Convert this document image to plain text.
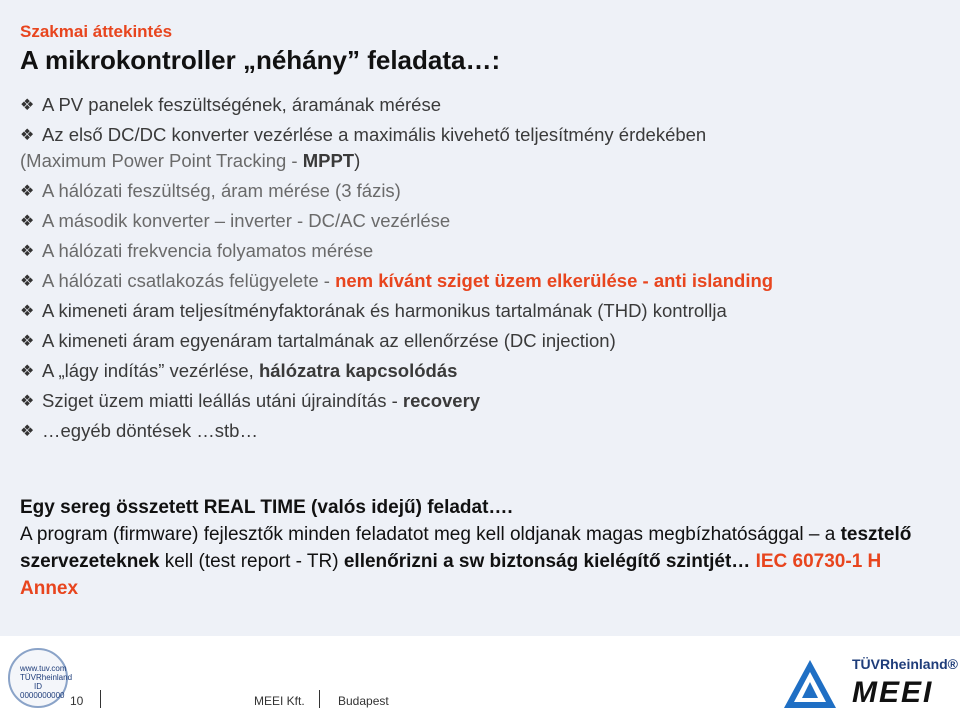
Szakmai áttekintés
A mikrokontroller „néhány” feladata…:
❖ A PV panelek feszültségének, áramának mérése
❖ Az első DC/DC konverter vezérlése a maximális kivehető teljesítmény érdekében
(Maximum Power Point Tracking - MPPT)
❖ A hálózati feszültség, áram mérése (3 fázis)
❖ A második konverter – inverter - DC/AC vezérlése
❖ A hálózati frekvencia folyamatos mérése
❖ A hálózati csatlakozás felügyelete - nem kívánt sziget üzem elkerülése - anti islanding
❖ A kimeneti áram teljesítményfaktorának és harmonikus tartalmának (THD) kontrollja
❖ A kimeneti áram egyenáram tartalmának az ellenőrzése (DC injection)
❖ A „lágy indítás” vezérlése, hálózatra kapcsolódás
❖ Sziget üzem miatti leállás utáni újraindítás - recovery
❖ …egyéb döntések …stb…
Egy sereg összetett REAL TIME (valós idejű) feladat….
A program (firmware) fejlesztők minden feladatot meg kell oldjanak magas megbízhatósággal – a tesztelő szervezeteknek kell (test report - TR) ellenőrizni a sw biztonság kielégítő szintjét… IEC 60730-1 H Annex
www.tuv.com
TÜVRheinland
ID 0000000000 10	MEEI Kft.	Budapest
TÜVRheinland®
MEEI
